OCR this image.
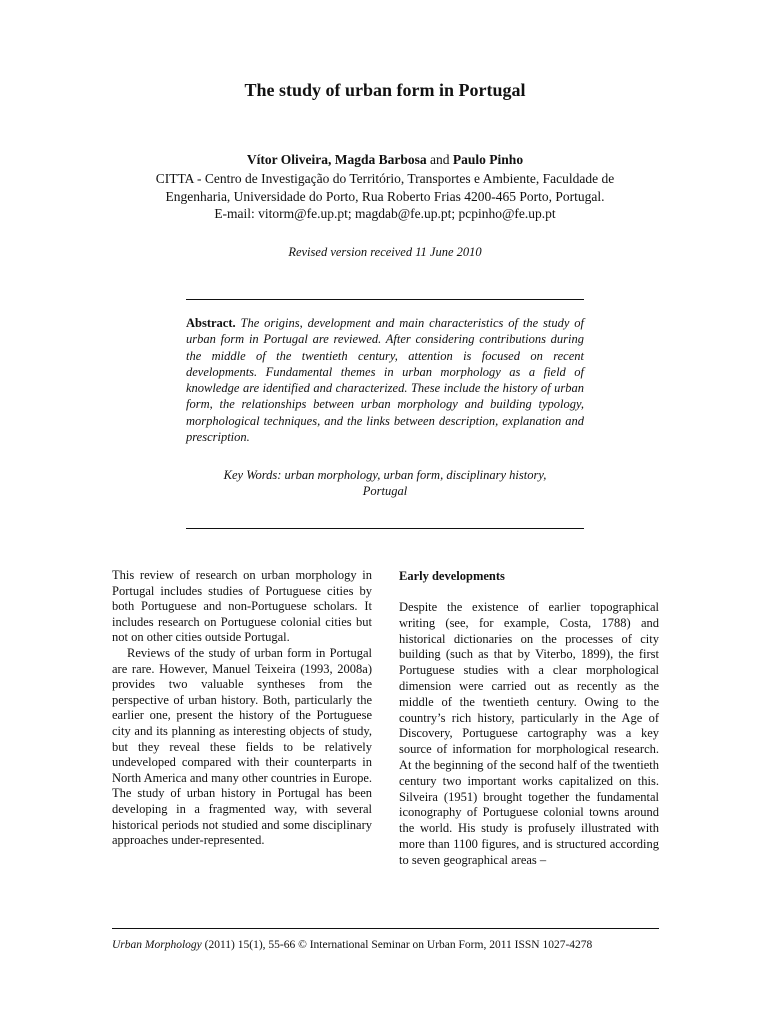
The study of urban form in Portugal
Vítor Oliveira, Magda Barbosa and Paulo Pinho
CITTA - Centro de Investigação do Território, Transportes e Ambiente, Faculdade de
Engenharia, Universidade do Porto, Rua Roberto Frias 4200-465 Porto, Portugal.
E-mail: vitorm@fe.up.pt; magdab@fe.up.pt; pcpinho@fe.up.pt
Revised version received 11 June 2010
Abstract. The origins, development and main characteristics of the study of urban form in Portugal are reviewed. After considering contributions during the middle of the twentieth century, attention is focused on recent developments. Fundamental themes in urban morphology as a field of knowledge are identified and characterized. These include the history of urban form, the relationships between urban morphology and building typology, morphological techniques, and the links between description, explanation and prescription.
Key Words: urban morphology, urban form, disciplinary history,
Portugal

This review of research on urban morphology in Portugal includes studies of Portuguese cities by both Portuguese and non-Portuguese scholars. It includes research on Portuguese colonial cities but not on other cities outside Portugal.

Reviews of the study of urban form in Portugal are rare. However, Manuel Teixeira (1993, 2008a) provides two valuable syntheses from the perspective of urban history. Both, particularly the earlier one, present the history of the Portuguese city and its planning as interesting objects of study, but they reveal these fields to be relatively undeveloped compared with their counterparts in North America and many other countries in Europe. The study of urban history in Portugal has been developing in a fragmented way, with several historical periods not studied and some disciplinary approaches under-represented.

Early developments

Despite the existence of earlier topographical writing (see, for example, Costa, 1788) and historical dictionaries on the processes of city building (such as that by Viterbo, 1899), the first Portuguese studies with a clear morphological dimension were carried out as recently as the middle of the twentieth century. Owing to the country’s rich history, particularly in the Age of Discovery, Portuguese cartography was a key source of information for morphological research. At the beginning of the second half of the twentieth century two important works capitalized on this. Silveira (1951) brought together the fundamental iconography of Portuguese colonial towns around the world. His study is profusely illustrated with more than 1100 figures, and is structured according to seven geographical areas –

Urban Morphology (2011) 15(1), 55-66 © International Seminar on Urban Form, 2011 ISSN 1027-4278
